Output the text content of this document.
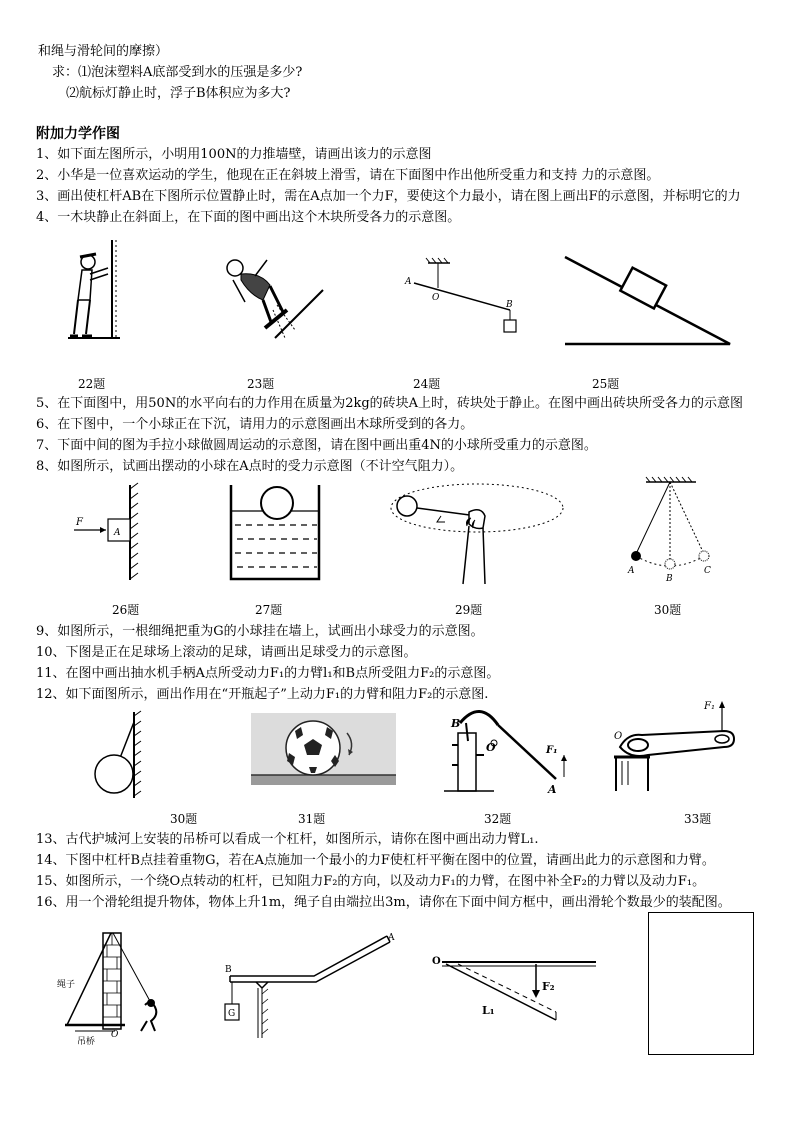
和绳与滑轮间的摩擦）
求：⑴泡沫塑料A底部受到水的压强是多少?
⑵航标灯静止时，浮子B体积应为多大?
附加力学作图
1、如下面左图所示，小明用100N的力推墙壁，请画出该力的示意图
2、小华是一位喜欢运动的学生，他现在正在斜坡上滑雪，请在下面图中作出他所受重力和支持 力的示意图。
3、画出使杠杆AB在下图所示位置静止时，需在A点加一个力F，要使这个力最小，请在图上画出F的示意图，并标明它的力
4、一木块静止在斜面上，在下面的图中画出这个木块所受各力的示意图。
A
O
B
22题	23题	24题	25题
5、在下面图中，用50N的水平向右的力作用在质量为2kg的砖块A上时，砖块处于静止。在图中画出砖块所受各力的示意图
6、在下图中，一个小球正在下沉，请用力的示意图画出木球所受到的各力。
7、下面中间的图为手拉小球做圆周运动的示意图，请在图中画出重4N的小球所受重力的示意图。
8、如图所示，试画出摆动的小球在A点时的受力示意图（不计空气阻力）。
F
A
A
B
C
26题	27题	29题	30题
9、如图所示，一根细绳把重为G的小球挂在墙上，试画出小球受力的示意图。
10、下图是正在足球场上滚动的足球，请画出足球受力的示意图。
11、在图中画出抽水机手柄A点所受动力F₁的力臂l₁和B点所受阻力F₂的示意图。
12、如下面图所示，画出作用在“开瓶起子”上动力F₁的力臂和阻力F₂的示意图.
B
O	F₁
A
F₁
O
30题	31题	32题	33题
13、古代护城河上安装的吊桥可以看成一个杠杆，如图所示，请你在图中画出动力臂L₁.
14、下图中杠杆B点挂着重物G，若在A点施加一个最小的力F使杠杆平衡在图中的位置，请画出此力的示意图和力臂。
15、如图所示，一个绕O点转动的杠杆，已知阻力F₂的方向，以及动力F₁的力臂，在图中补全F₂的力臂以及动力F₁。
16、用一个滑轮组提升物体，物体上升1m，绳子自由端拉出3m，请你在下面中间方框中，画出滑轮个数最少的装配图。
绳子
O
吊桥
B
A
G
O
F₂
L₁
